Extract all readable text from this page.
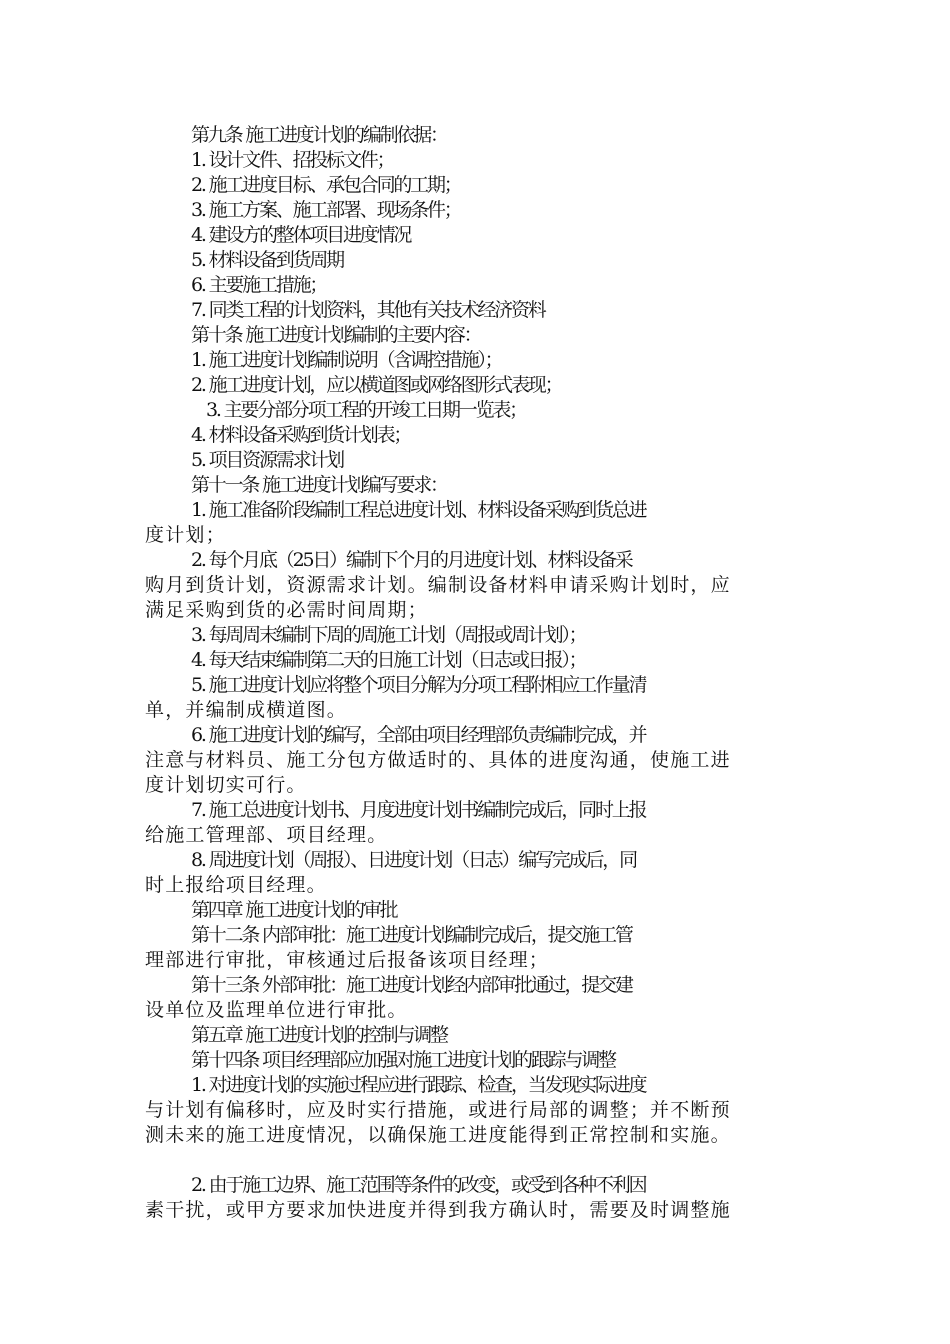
第九条 施工进度计划的编制依据：
1. 设计文件、招投标文件；
2. 施工进度目标、承包合同的工期；
3. 施工方案、施工部署、现场条件；
4. 建设方的整体项目进度情况
5. 材料设备到货周期
6. 主要施工措施；
7. 同类工程的计划资料，其他有关技术经济资料
第十条 施工进度计划编制的主要内容：
1. 施工进度计划编制说明（含调控措施）；
2. 施工进度计划，应以横道图或网络图形式表现；
3. 主要分部分项工程的开竣工日期一览表；
4. 材料设备采购到货计划表；
5. 项目资源需求计划
第十一条 施工进度计划编写要求：
1. 施工准备阶段编制工程总进度计划、材料设备采购到货总进
度计划；
2. 每个月底（25日）编制下个月的月进度计划、材料设备采
购月到货计划，资源需求计划。编制设备材料申请采购计划时，应
满足采购到货的必需时间周期；
3. 每周周末编制下周的周施工计划（周报或周计划）；
4. 每天结束编制第二天的日施工计划（日志或日报）；
5. 施工进度计划应将整个项目分解为分项工程附相应工作量清
单，并编制成横道图。
6. 施工进度计划的编写，全部由项目经理部负责编制完成，并
注意与材料员、施工分包方做适时的、具体的进度沟通，使施工进
度计划切实可行。
7. 施工总进度计划书、月度进度计划书编制完成后，同时上报
给施工管理部、项目经理。
8. 周进度计划（周报）、日进度计划（日志）编写完成后，同
时上报给项目经理。
第四章 施工进度计划的审批
第十二条 内部审批：施工进度计划编制完成后，提交施工管
理部进行审批，审核通过后报备该项目经理；
第十三条 外部审批：施工进度计划经内部审批通过，提交建
设单位及监理单位进行审批。
第五章 施工进度计划的控制与调整
第十四条 项目经理部应加强对施工进度计划的跟踪与调整
1. 对进度计划的实施过程应进行跟踪、检查，当发现实际进度
与计划有偏移时，应及时实行措施，或进行局部的调整；并不断预
测未来的施工进度情况，以确保施工进度能得到正常控制和实施。
2. 由于施工边界、施工范围等条件的改变，或受到各种不利因
素干扰，或甲方要求加快进度并得到我方确认时，需要及时调整施
